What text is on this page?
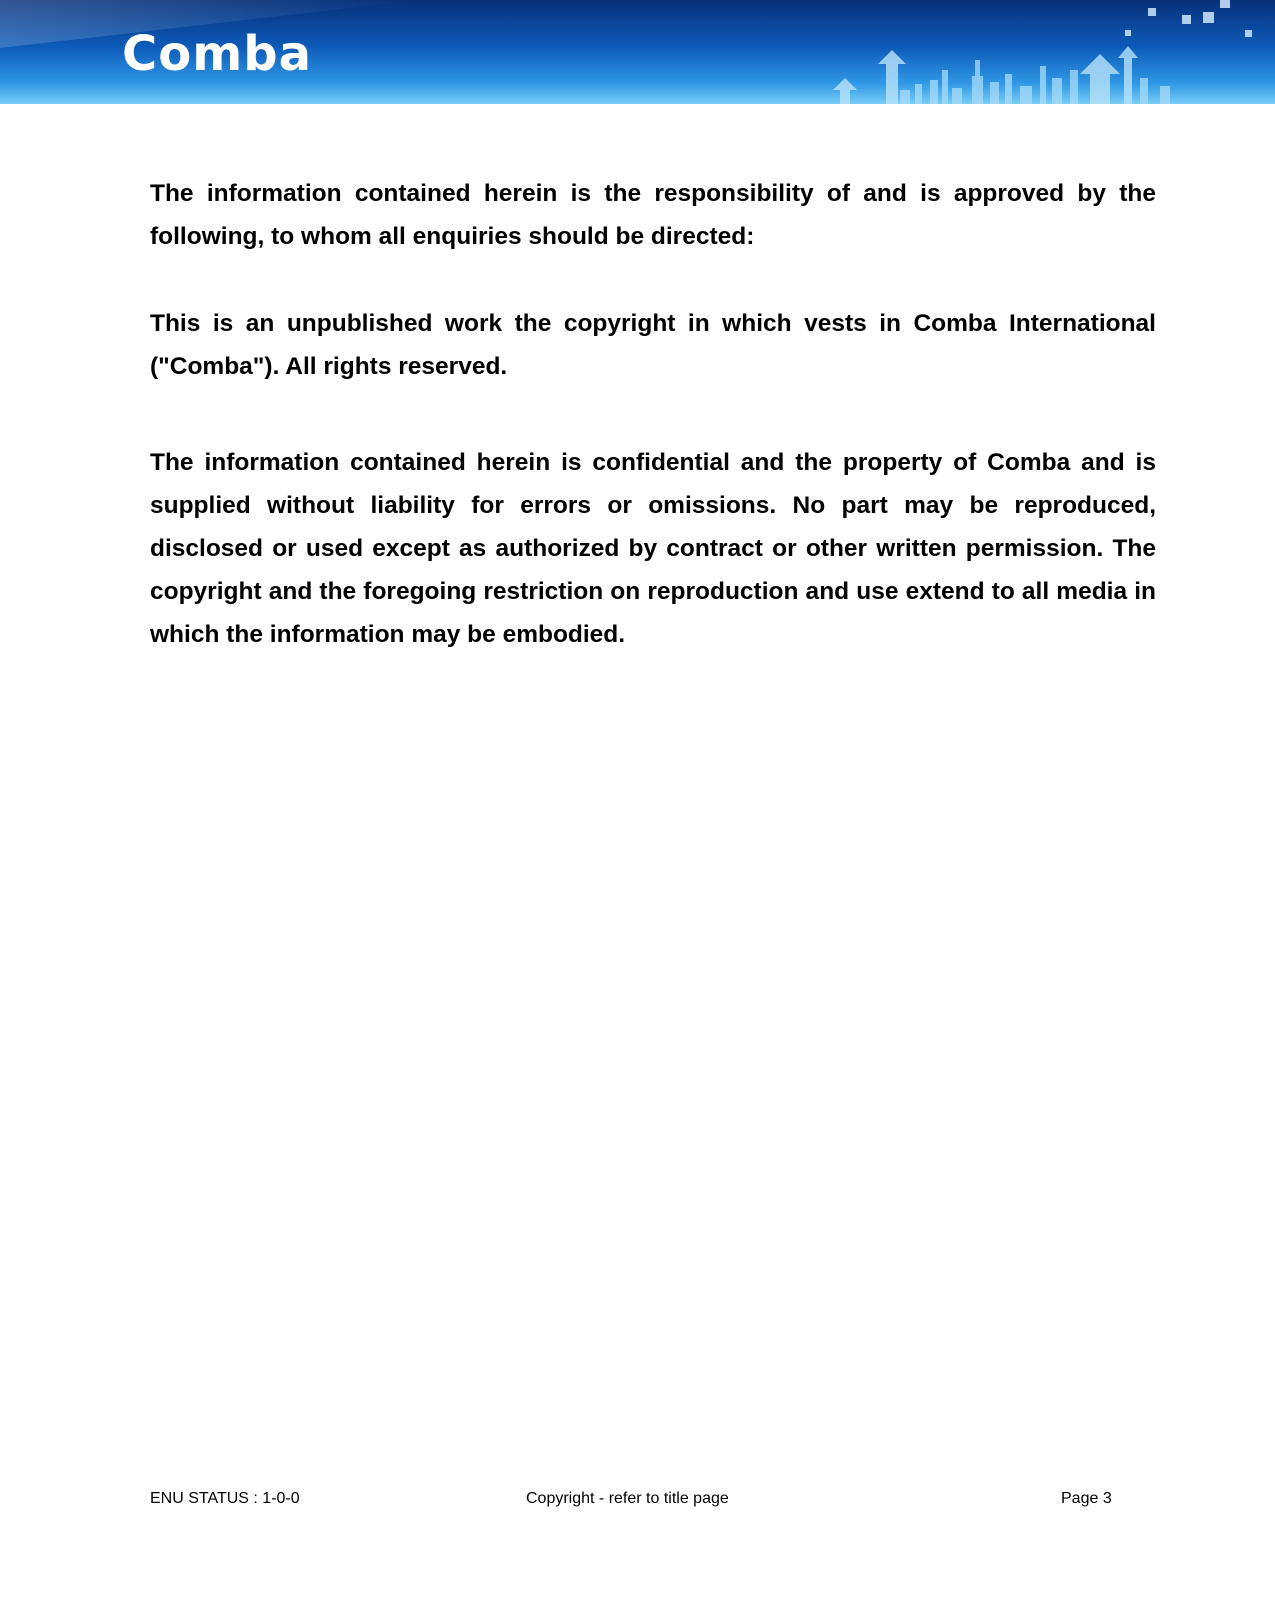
Comba

The information contained herein is the responsibility of and is approved by the following, to whom all enquiries should be directed:

This is an unpublished work the copyright in which vests in Comba International ("Comba"). All rights reserved.

The information contained herein is confidential and the property of Comba and is supplied without liability for errors or omissions. No part may be reproduced, disclosed or used except as authorized by contract or other written permission. The copyright and the foregoing restriction on reproduction and use extend to all media in which the information may be embodied.

ENU STATUS : 1-0-0	Copyright - refer to title page	Page 3
